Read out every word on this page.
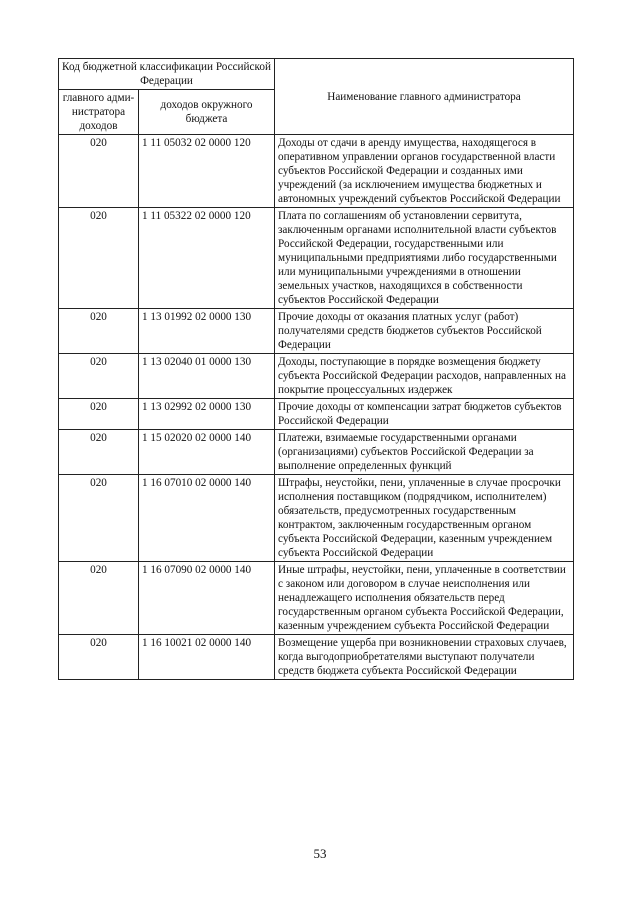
Код бюджетной классификации Российской Федерации		Наименование главного администратора
главного адми-нистратора доходов	доходов окружного бюджета	
020	1 11 05032 02 0000 120	Доходы от сдачи в аренду имущества, находящегося в оперативном управлении органов государственной власти субъектов Российской Федерации и созданных ими учреждений (за исключением имущества бюджетных и автономных учреждений субъектов Российской Федерации
020	1 11 05322 02 0000 120	Плата по соглашениям об установлении сервитута, заключенным органами исполнительной власти субъектов Российской Федерации, государственными или муниципальными предприятиями либо государственными или муниципальными учреждениями в отношении земельных участков, находящихся в собственности субъектов Российской Федерации
020	1 13 01992 02 0000 130	Прочие доходы от оказания платных услуг (работ) получателями средств бюджетов субъектов Российской Федерации
020	1 13 02040 01 0000 130	Доходы, поступающие в порядке возмещения бюджету субъекта Российской Федерации расходов, направленных на покрытие процессуальных издержек
020	1 13 02992 02 0000 130	Прочие доходы от компенсации затрат бюджетов субъектов Российской Федерации
020	1 15 02020 02 0000 140	Платежи, взимаемые государственными органами (организациями) субъектов Российской Федерации за выполнение определенных функций
020	1 16 07010 02 0000 140	Штрафы, неустойки, пени, уплаченные в случае просрочки исполнения поставщиком (подрядчиком, исполнителем) обязательств, предусмотренных государственным контрактом, заключенным государственным органом субъекта Российской Федерации, казенным учреждением субъекта Российской Федерации
020	1 16 07090 02 0000 140	Иные штрафы, неустойки, пени, уплаченные в соответствии с законом или договором в случае неисполнения или ненадлежащего исполнения обязательств перед государственным органом субъекта Российской Федерации, казенным учреждением субъекта Российской Федерации
020	1 16 10021 02 0000 140	Возмещение ущерба при возникновении страховых случаев, когда выгодоприобретателями выступают получатели средств бюджета субъекта Российской Федерации
53
